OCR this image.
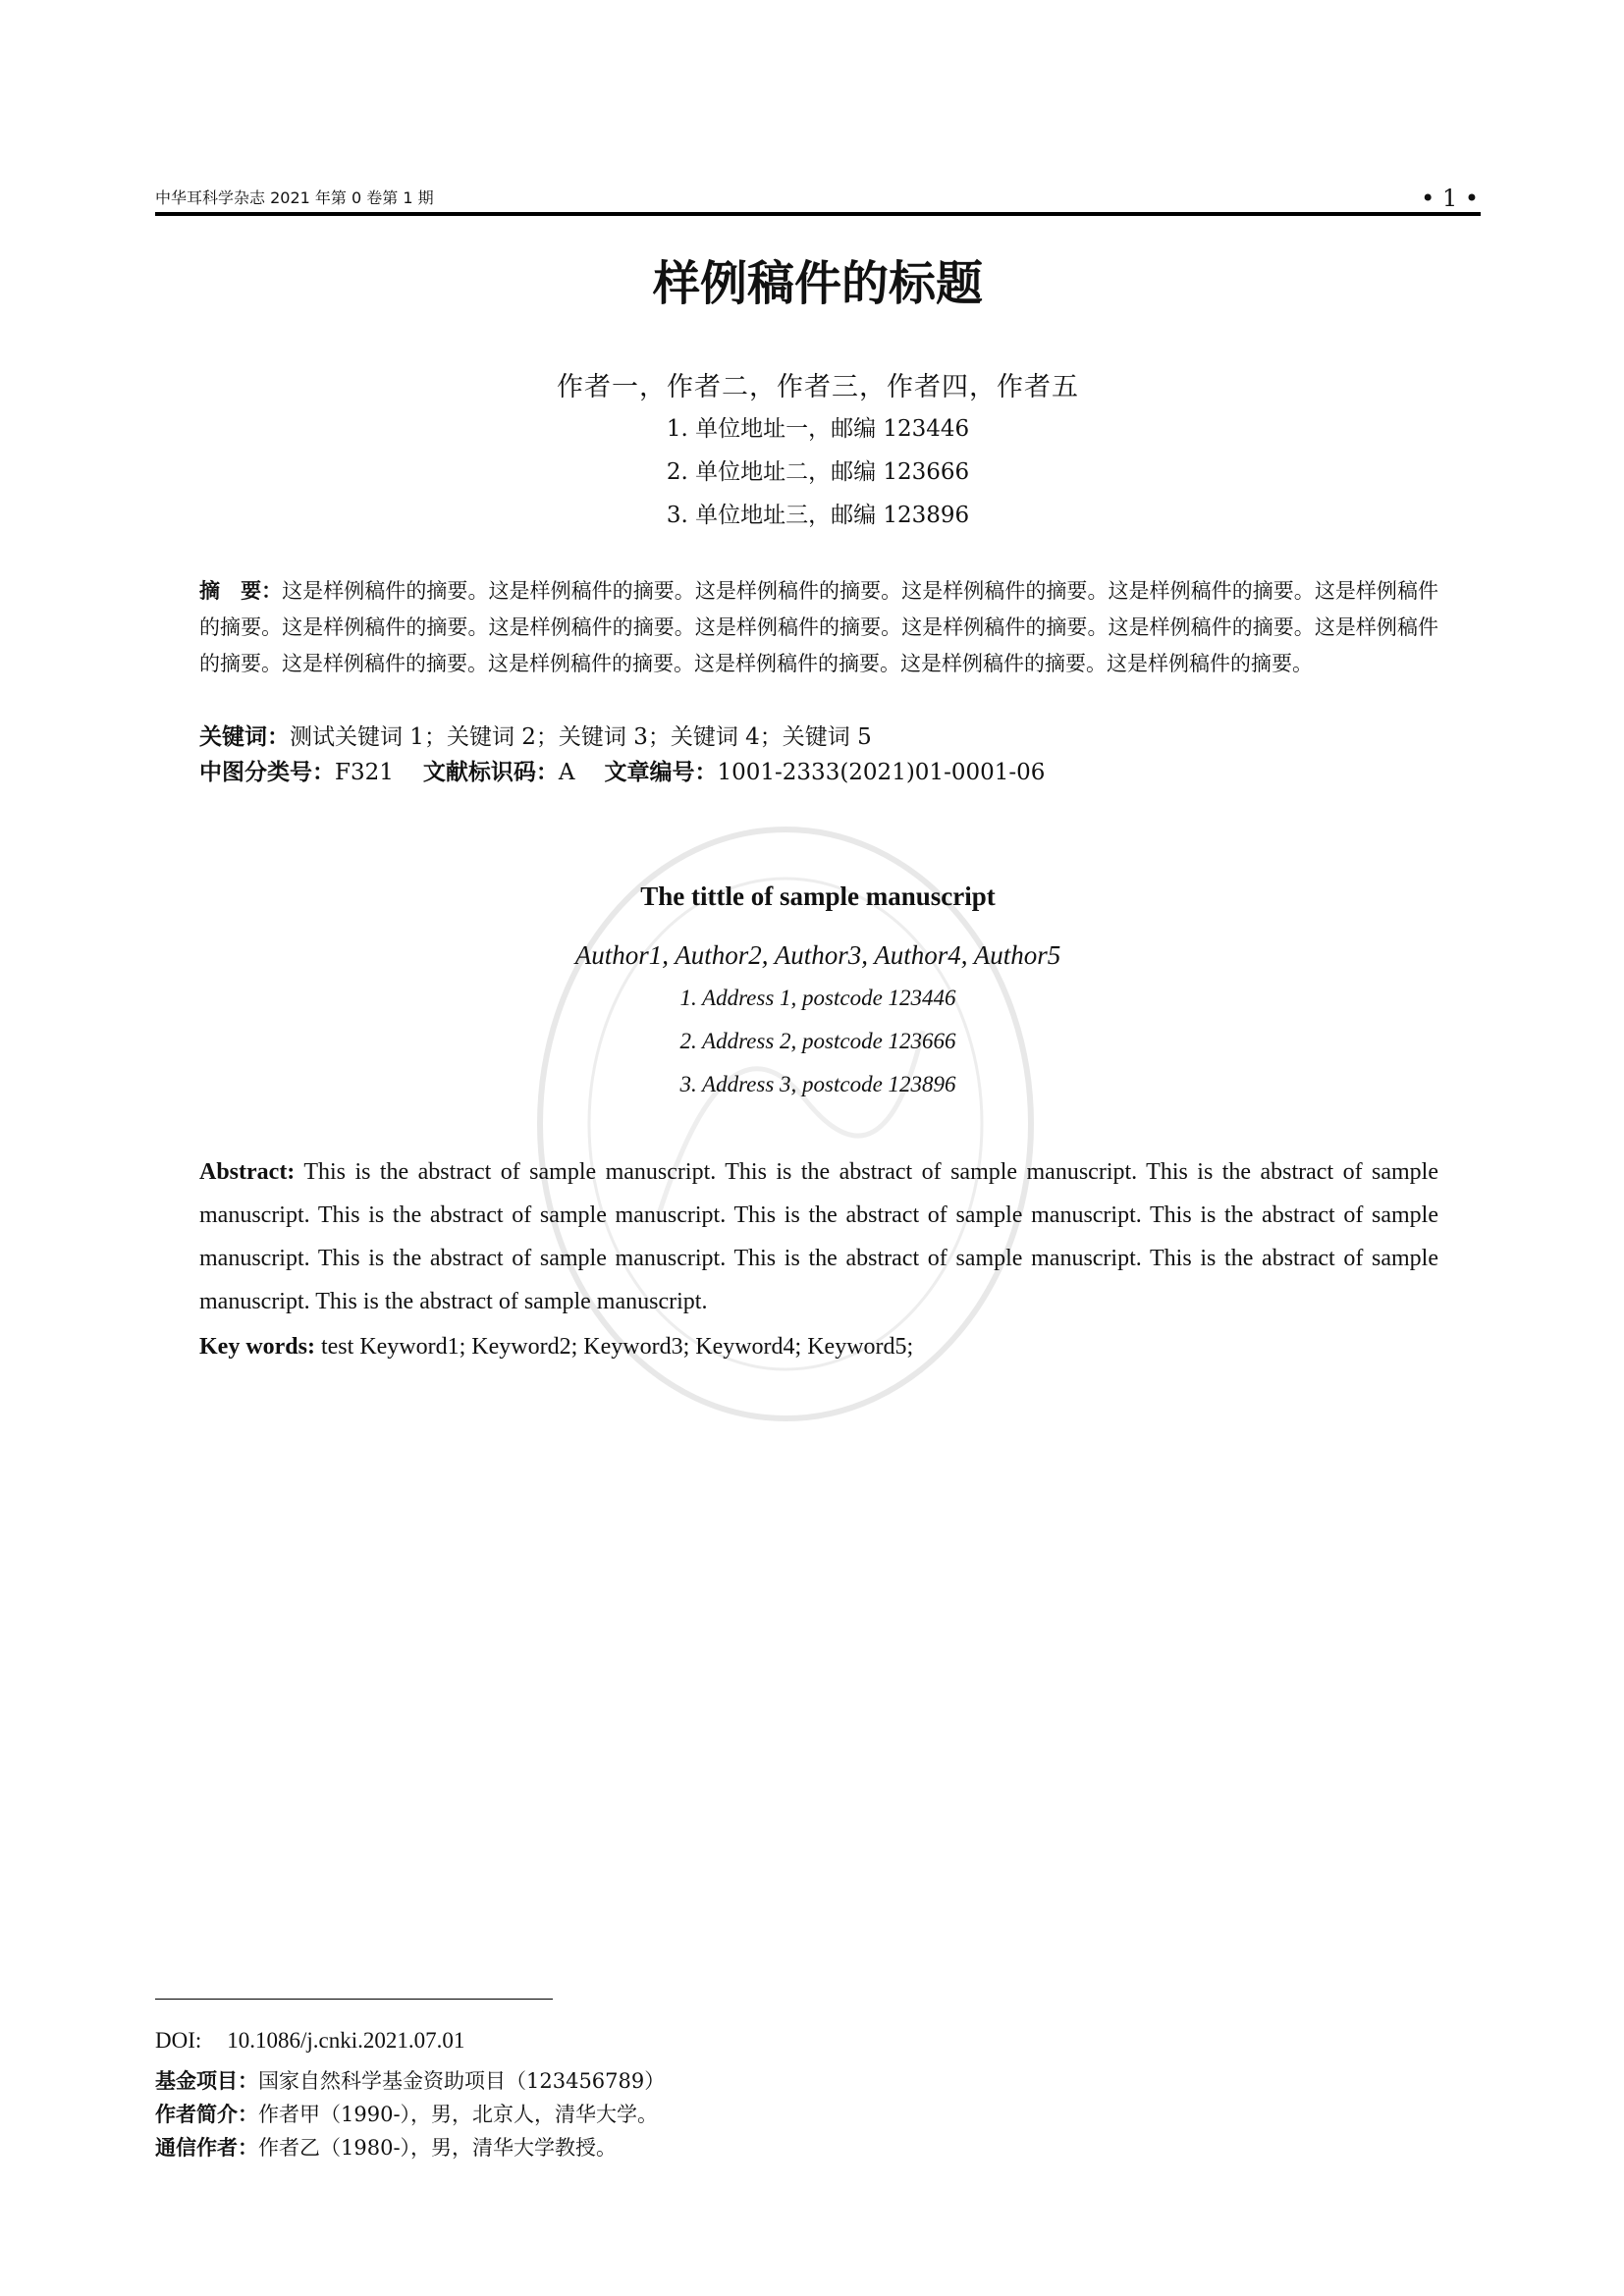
中华耳科学杂志 2021 年第 0 卷第 1 期	• 1 •
样例稿件的标题
作者一，作者二，作者三，作者四，作者五
1. 单位地址一，邮编 123446
2. 单位地址二，邮编 123666
3. 单位地址三，邮编 123896
摘　要：这是样例稿件的摘要。这是样例稿件的摘要。这是样例稿件的摘要。这是样例稿件的摘要。这是样例稿件的摘要。这是样例稿件的摘要。这是样例稿件的摘要。这是样例稿件的摘要。这是样例稿件的摘要。这是样例稿件的摘要。这是样例稿件的摘要。这是样例稿件的摘要。这是样例稿件的摘要。这是样例稿件的摘要。这是样例稿件的摘要。这是样例稿件的摘要。这是样例稿件的摘要。
关键词：测试关键词 1；关键词 2；关键词 3；关键词 4；关键词 5
中图分类号：F321 文献标识码：A 文章编号：1001-2333(2021)01-0001-06
The tittle of sample manuscript
Author1, Author2, Author3, Author4, Author5
1. Address 1, postcode 123446
2. Address 2, postcode 123666
3. Address 3, postcode 123896
Abstract: This is the abstract of sample manuscript. This is the abstract of sample manuscript. This is the abstract of sample manuscript. This is the abstract of sample manuscript. This is the abstract of sample manuscript. This is the abstract of sample manuscript. This is the abstract of sample manuscript. This is the abstract of sample manuscript. This is the abstract of sample manuscript. This is the abstract of sample manuscript.
Key words: test Keyword1; Keyword2; Keyword3; Keyword4; Keyword5;
DOI: 10.1086/j.cnki.2021.07.01
基金项目：国家自然科学基金资助项目（123456789）
作者简介：作者甲（1990-），男，北京人，清华大学。
通信作者：作者乙（1980-），男，清华大学教授。
